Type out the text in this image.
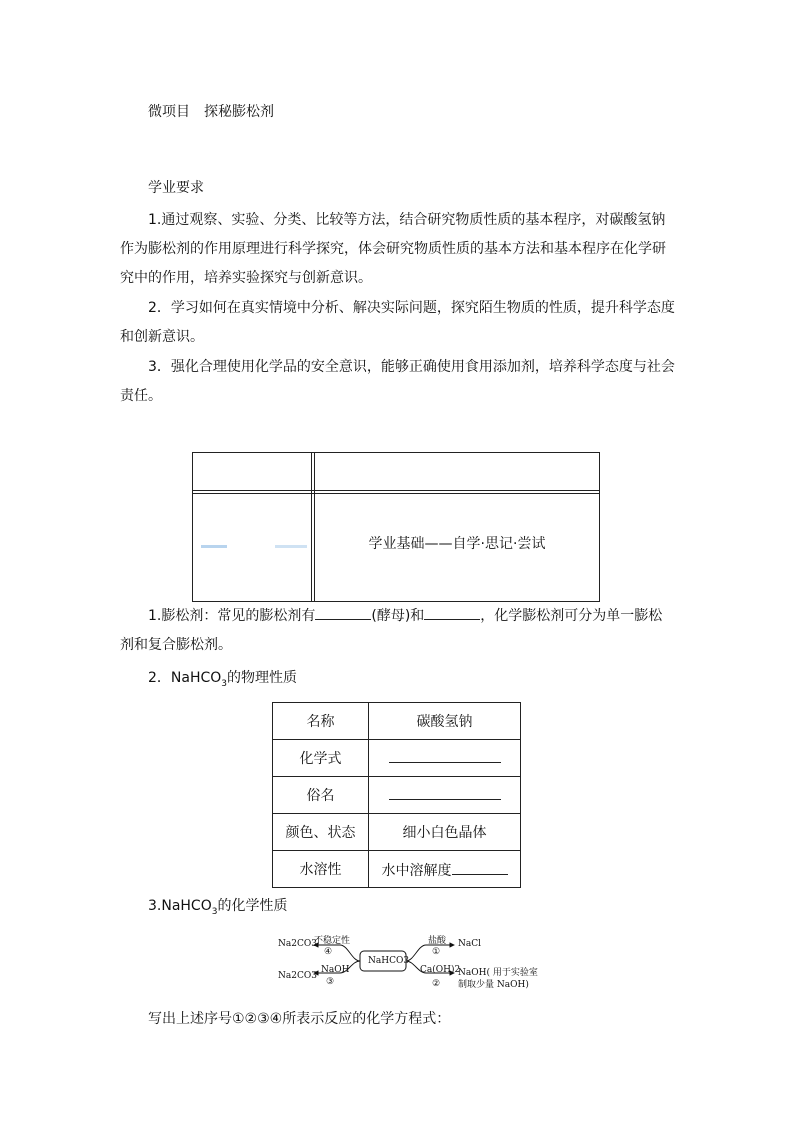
微项目　探秘膨松剂
学业要求
1.通过观察、实验、分类、比较等方法，结合研究物质性质的基本程序，对碳酸氢钠作为膨松剂的作用原理进行科学探究，体会研究物质性质的基本方法和基本程序在化学研究中的作用，培养实验探究与创新意识。
2．学习如何在真实情境中分析、解决实际问题，探究陌生物质的性质，提升科学态度和创新意识。
3．强化合理使用化学品的安全意识，能够正确使用食用添加剂，培养科学态度与社会责任。
学业基础——自学·思记·尝试
1.膨松剂：常见的膨松剂有	(酵母)和	，化学膨松剂可分为单一膨松剂和复合膨松剂。
2．NaHCO$_3$的物理性质
名称	碳酸氢钠
化学式	
俗名	
颜色、状态	细小白色晶体
水溶性	水中溶解度
3.NaHCO$_3$的化学性质
NaHCO3
Na2CO3
不稳定性
④
Na2CO3
NaOH
③
盐酸
①
NaCl
Ca(OH)2
②
NaOH( 用于实验室
制取少量 NaOH)
写出上述序号①②③④所表示反应的化学方程式：
